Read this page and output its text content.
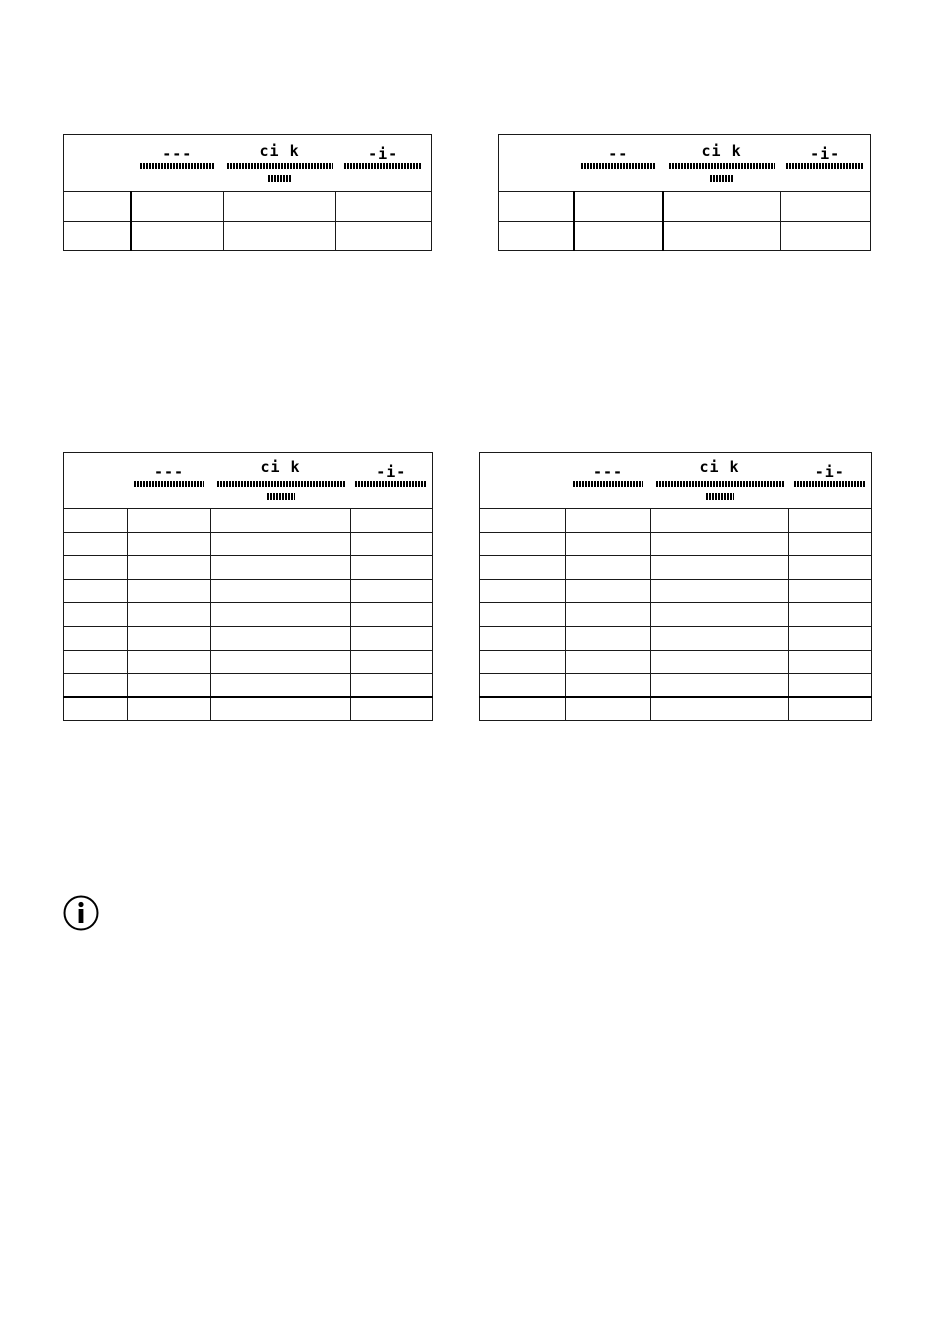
	---	ci k	-i-

	--	ci k	-i-

	---	ci k	-i-

	---	ci k	-i-
